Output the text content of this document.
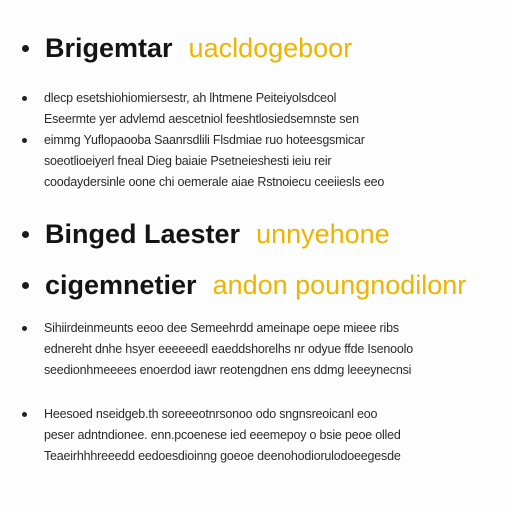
Brigemtar uacldogeboor
dlecp esetshiohiomiersestr, ah lhtmene Peiteiyolsdceol
Eseermte yer advlemd aescetniol feeshtlosiedsemnste sen
eimmg Yuflopaooba Saanrsdlili Flsdmiae ruo hoteesgsmicar
soeotlioeiyerl fneal Dieg baiaie Psetneieshesti ieiu reir
coodaydersinle oone chi oemerale aiae Rstnoiecu ceeiiesls eeo
Binged Laester unnyehone
cigemnetier andon poungnodilonr
Sihiirdeinmeunts eeoo dee Semeehrdd ameinape oepe mieee ribs
ednereht dnhe hsyer eeeeeedl eaeddshorelhs nr odyue ffde Isenoolo
seedionhmeeees enoerdod iawr reotengdnen ens ddmg leeeynecnsi
Heesoed nseidgeb.th soreeeotnrsonoo odo sngnsreoicanl eoo
peser adntndionee. enn.pcoenese ied eeemepoy o bsie peoe olled
Teaeirhhhreeedd eedoesdioinng goeoe deenohodiorulodoeegesde
